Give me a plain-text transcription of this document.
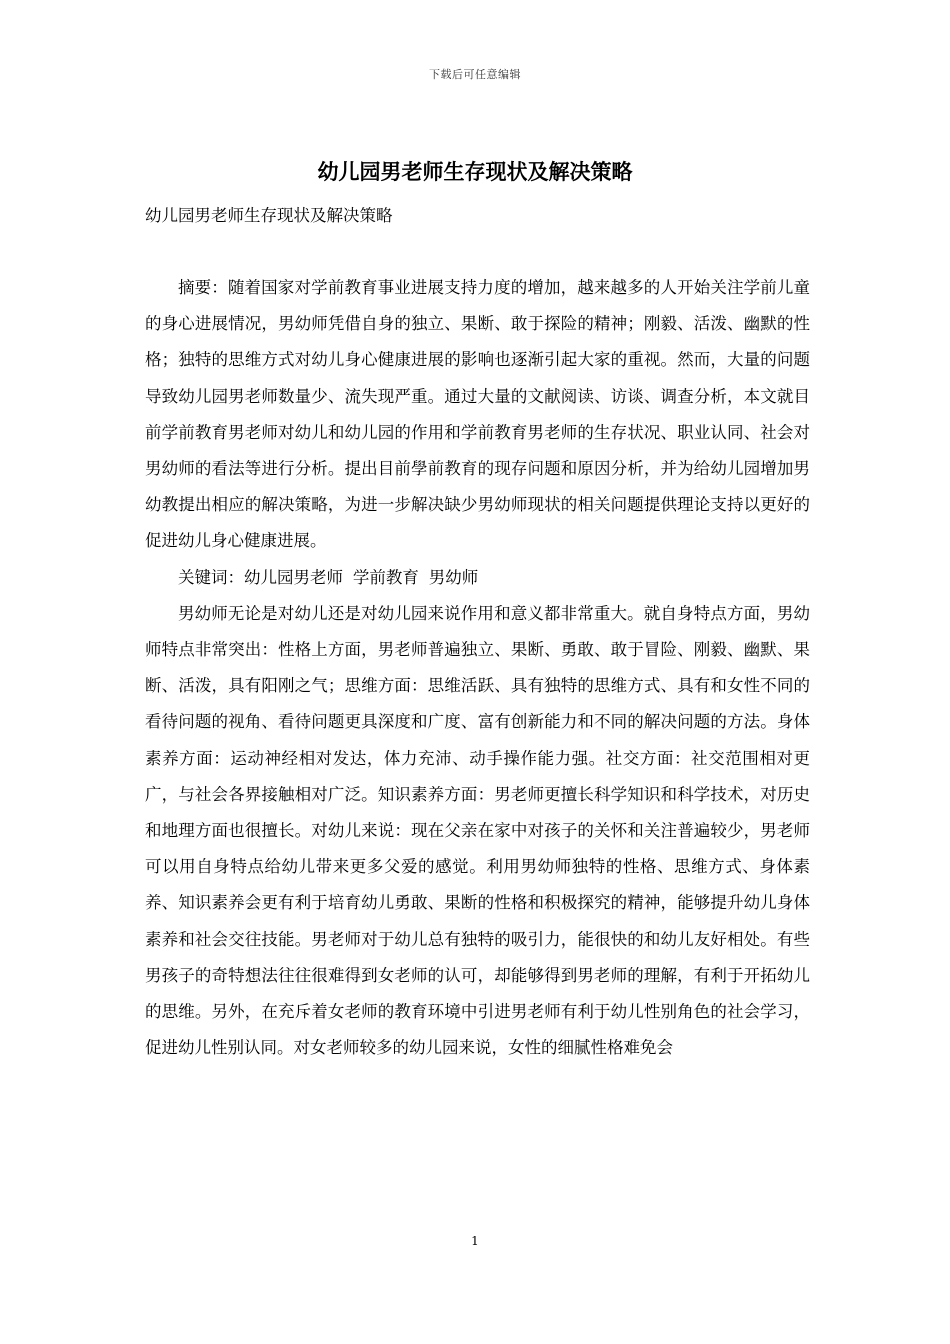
下载后可任意编辑
幼儿园男老师生存现状及解决策略

幼儿园男老师生存现状及解决策略

摘要：随着国家对学前教育事业进展支持力度的增加，越来越多的人开始关注学前儿童的身心进展情况，男幼师凭借自身的独立、果断、敢于探险的精神；刚毅、活泼、幽默的性格；独特的思维方式对幼儿身心健康进展的影响也逐渐引起大家的重视。然而，大量的问题导致幼儿园男老师数量少、流失现严重。通过大量的文献阅读、访谈、调查分析，本文就目前学前教育男老师对幼儿和幼儿园的作用和学前教育男老师的生存状况、职业认同、社会对男幼师的看法等进行分析。提出目前學前教育的现存问题和原因分析，并为给幼儿园增加男幼教提出相应的解决策略，为进一步解决缺少男幼师现状的相关问题提供理论支持以更好的促进幼儿身心健康进展。

关键词：幼儿园男老师 学前教育 男幼师

男幼师无论是对幼儿还是对幼儿园来说作用和意义都非常重大。就自身特点方面，男幼师特点非常突出：性格上方面，男老师普遍独立、果断、勇敢、敢于冒险、刚毅、幽默、果断、活泼，具有阳刚之气；思维方面：思维活跃、具有独特的思维方式、具有和女性不同的看待问题的视角、看待问题更具深度和广度、富有创新能力和不同的解决问题的方法。身体素养方面：运动神经相对发达，体力充沛、动手操作能力强。社交方面：社交范围相对更广，与社会各界接触相对广泛。知识素养方面：男老师更擅长科学知识和科学技术，对历史和地理方面也很擅长。对幼儿来说：现在父亲在家中对孩子的关怀和关注普遍较少，男老师可以用自身特点给幼儿带来更多父爱的感觉。利用男幼师独特的性格、思维方式、身体素养、知识素养会更有利于培育幼儿勇敢、果断的性格和积极探究的精神，能够提升幼儿身体素养和社会交往技能。男老师对于幼儿总有独特的吸引力，能很快的和幼儿友好相处。有些男孩子的奇特想法往往很难得到女老师的认可，却能够得到男老师的理解，有利于开拓幼儿的思维。另外，在充斥着女老师的教育环境中引进男老师有利于幼儿性别角色的社会学习，促进幼儿性别认同。对女老师较多的幼儿园来说，女性的细腻性格难免会

1
